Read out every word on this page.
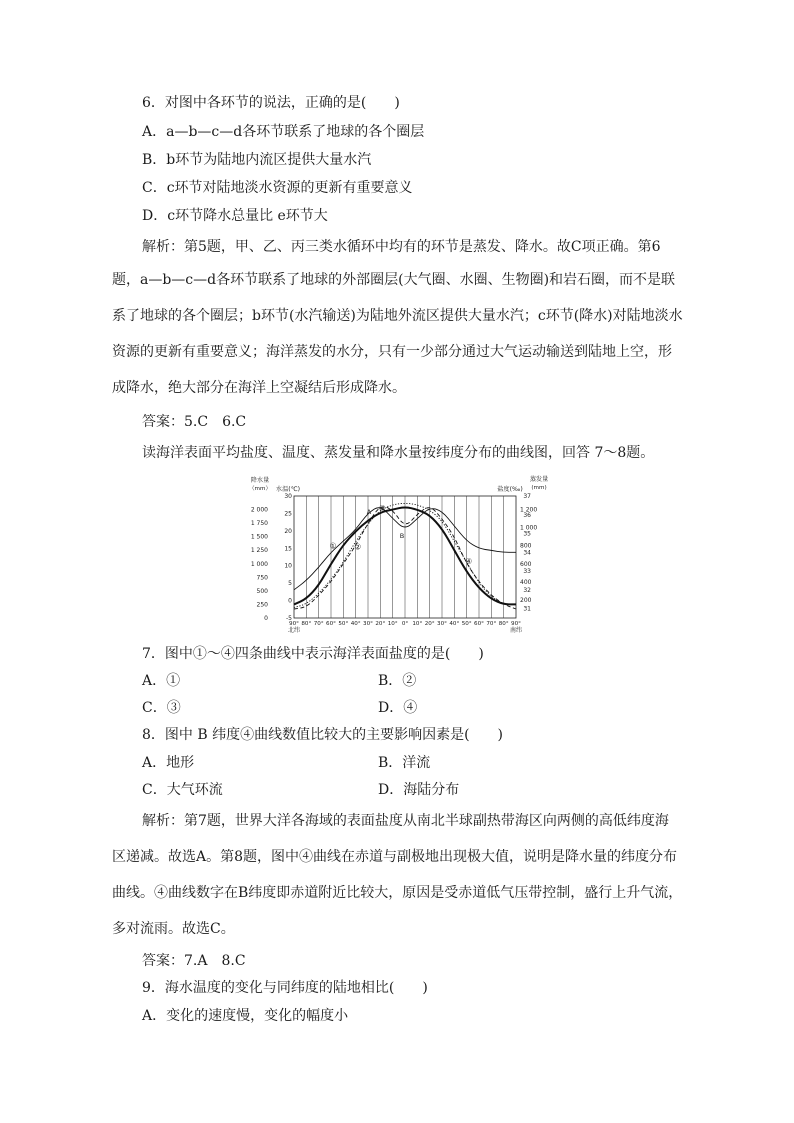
6．对图中各环节的说法，正确的是(　　)
A．a—b—c—d各环节联系了地球的各个圈层
B．b环节为陆地内流区提供大量水汽
C．c环节对陆地淡水资源的更新有重要意义
D．c环节降水总量比 e环节大
解析：第5题，甲、乙、丙三类水循环中均有的环节是蒸发、降水。故C项正确。第6
题，a—b—c—d各环节联系了地球的外部圈层(大气圈、水圈、生物圈)和岩石圈，而不是联
系了地球的各个圈层；b环节(水汽输送)为陆地外流区提供大量水汽；c环节(降水)对陆地淡水
资源的更新有重要意义；海洋蒸发的水分，只有一少部分通过大气运动输送到陆地上空，形
成降水，绝大部分在海洋上空凝结后形成降水。
答案：5.C　6.C
读海洋表面平均盐度、温度、蒸发量和降水量按纬度分布的曲线图，回答 7～8题。
90° 80° 70° 60° 50° 40° 30° 20° 10° 0° 10° 20° 30° 40° 50° 60° 70° 80° 90°
北纬	南纬
2 000
1 750
1 500
1 250
1 000
750
500
250
0
30
25
20
15
10
5
0
-5
37
36
35
34
33
32
31
1 200
1 000
800
600
400
200
降水量
（mm） 水温(℃)	盐度(‰)
蒸发量
(mm)
① ②
③
④
A
B
7．图中①～④四条曲线中表示海洋表面盐度的是(　　)
A．①	B．②
C．③	D．④
8．图中 B 纬度④曲线数值比较大的主要影响因素是(　　)
A．地形	B．洋流
C．大气环流	D．海陆分布
解析：第7题，世界大洋各海域的表面盐度从南北半球副热带海区向两侧的高低纬度海
区递减。故选A。第8题，图中④曲线在赤道与副极地出现极大值，说明是降水量的纬度分布
曲线。④曲线数字在B纬度即赤道附近比较大，原因是受赤道低气压带控制，盛行上升气流，
多对流雨。故选C。
答案：7.A　8.C
9．海水温度的变化与同纬度的陆地相比(　　)
A．变化的速度慢，变化的幅度小
